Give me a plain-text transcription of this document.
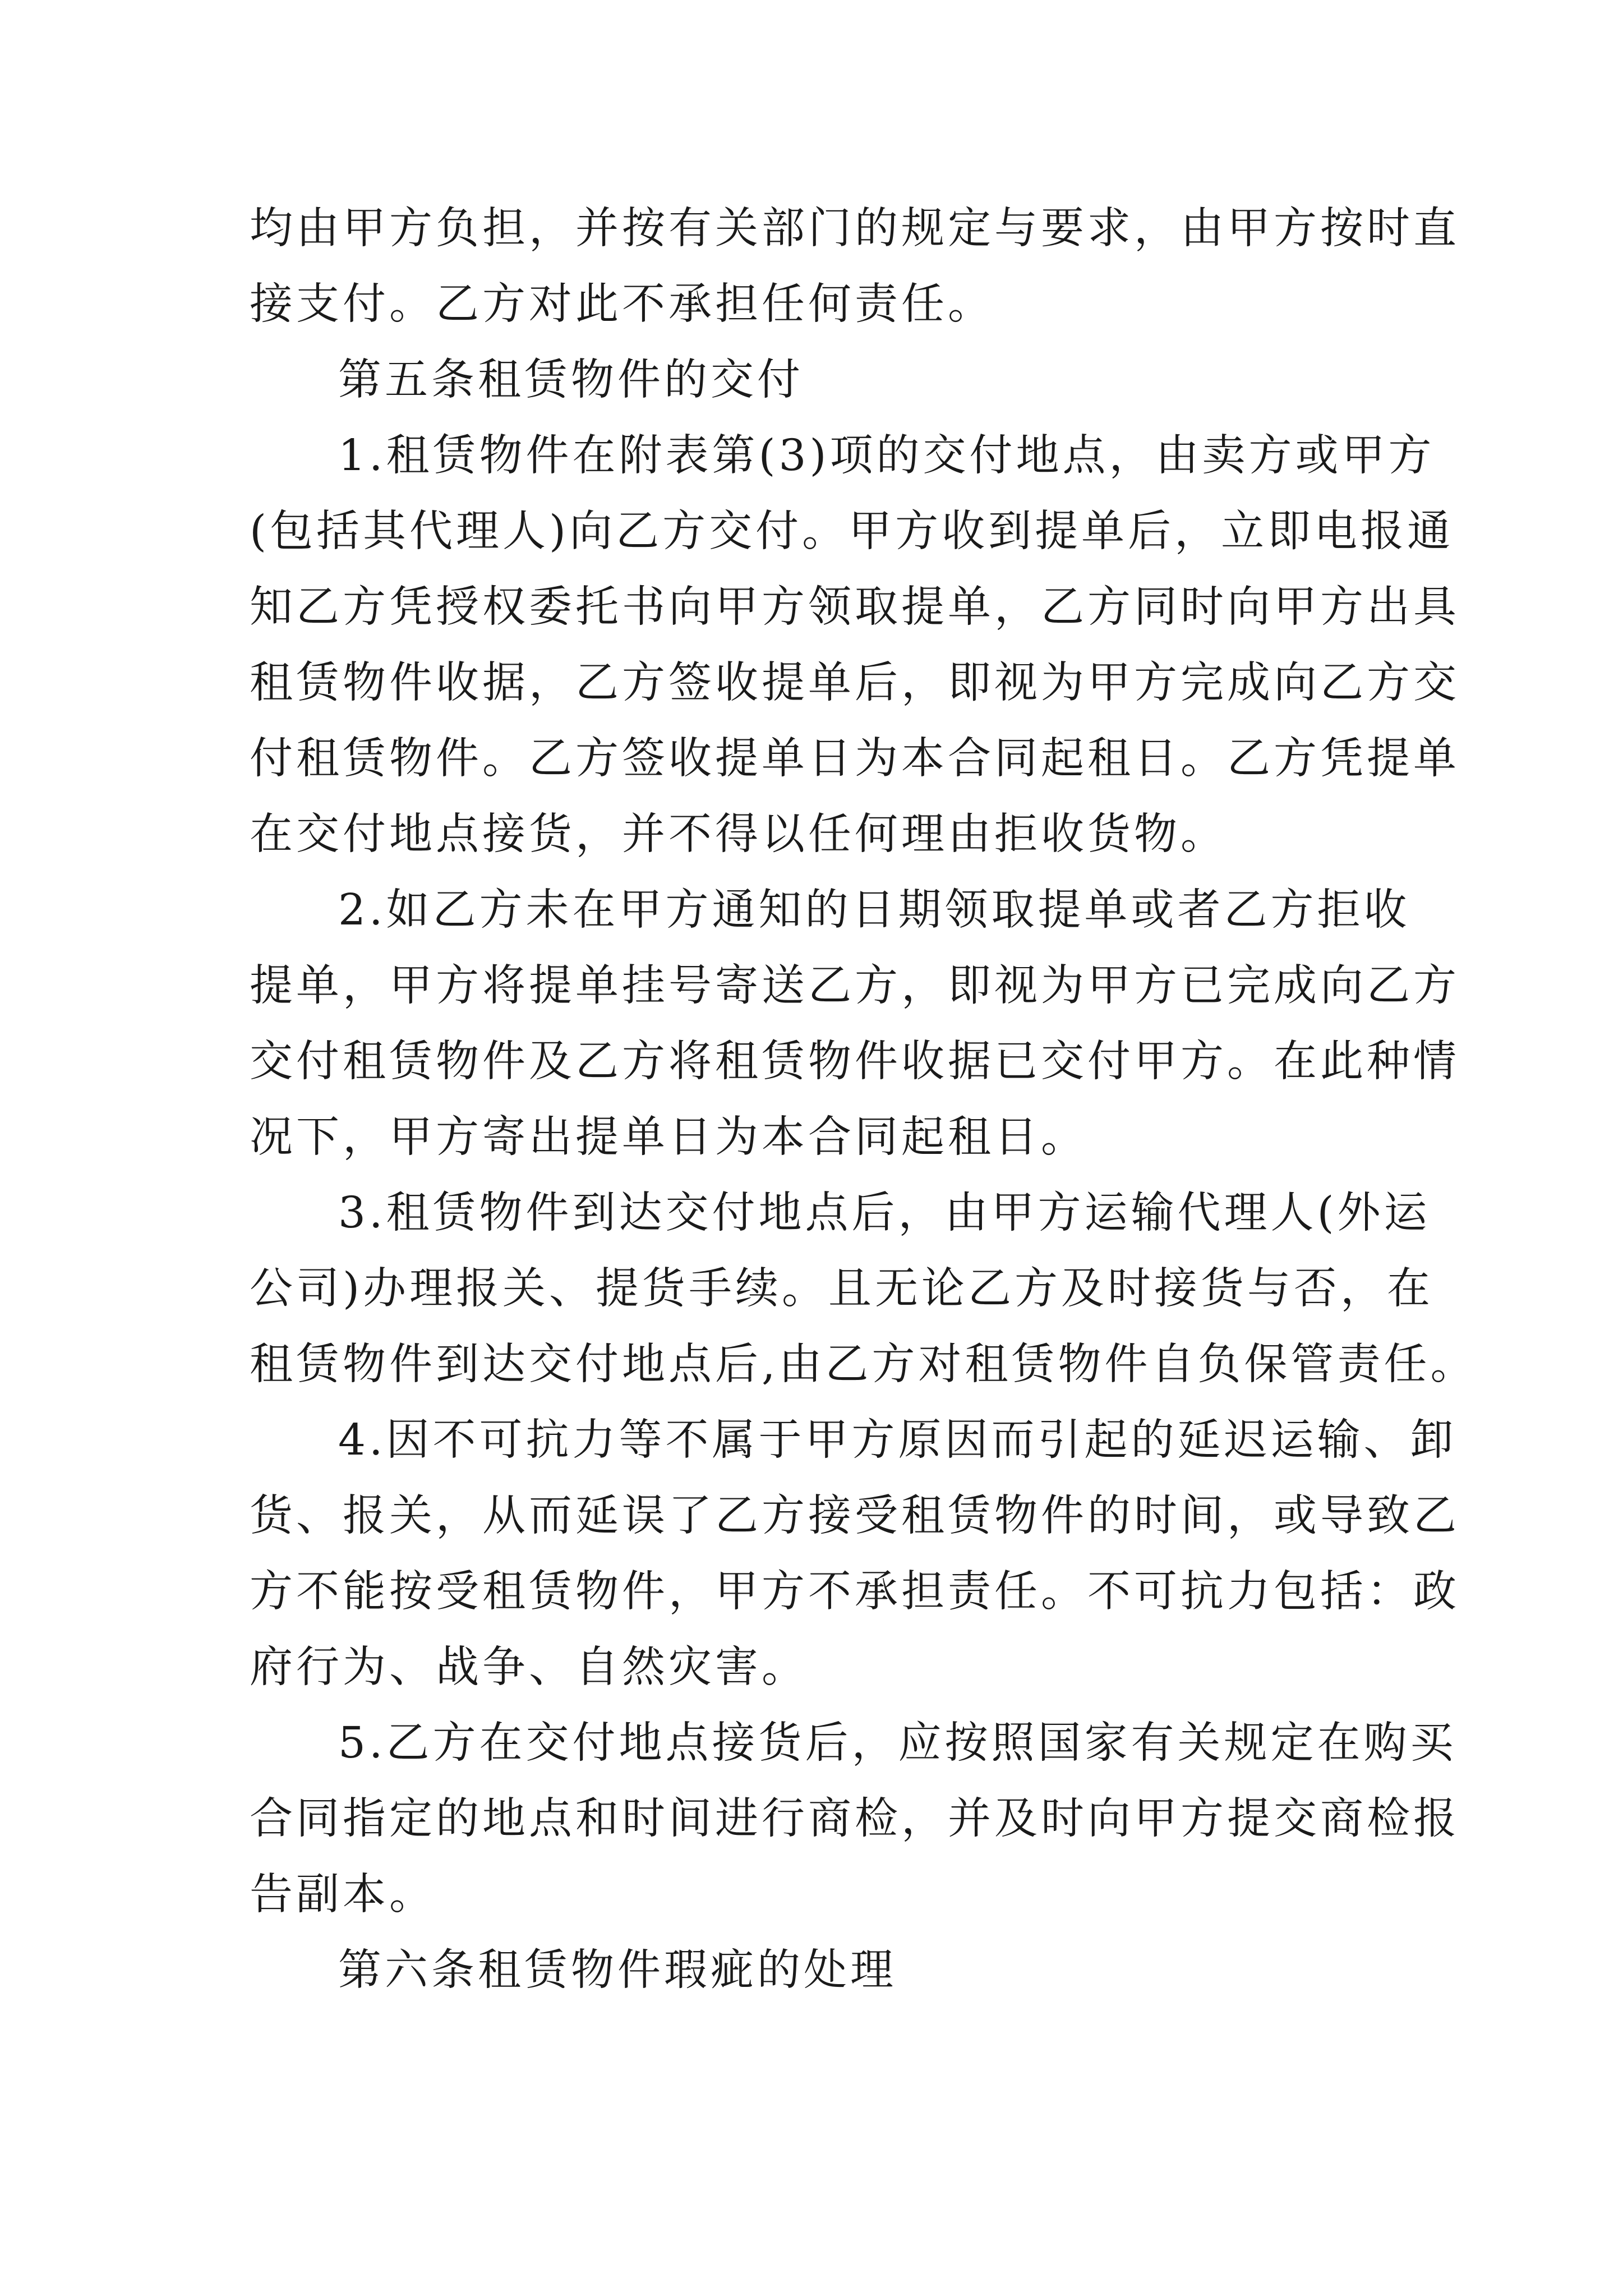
均由甲方负担，并按有关部门的规定与要求，由甲方按时直
接支付。乙方对此不承担任何责任。
第五条租赁物件的交付
1.租赁物件在附表第(3)项的交付地点，由卖方或甲方
(包括其代理人)向乙方交付。甲方收到提单后，立即电报通
知乙方凭授权委托书向甲方领取提单，乙方同时向甲方出具
租赁物件收据，乙方签收提单后，即视为甲方完成向乙方交
付租赁物件。乙方签收提单日为本合同起租日。乙方凭提单
在交付地点接货，并不得以任何理由拒收货物。
2.如乙方未在甲方通知的日期领取提单或者乙方拒收
提单，甲方将提单挂号寄送乙方，即视为甲方已完成向乙方
交付租赁物件及乙方将租赁物件收据已交付甲方。在此种情
况下，甲方寄出提单日为本合同起租日。
3.租赁物件到达交付地点后，由甲方运输代理人(外运
公司)办理报关、提货手续。且无论乙方及时接货与否，在
租赁物件到达交付地点后,由乙方对租赁物件自负保管责任。
4.因不可抗力等不属于甲方原因而引起的延迟运输、卸
货、报关，从而延误了乙方接受租赁物件的时间，或导致乙
方不能按受租赁物件，甲方不承担责任。不可抗力包括：政
府行为、战争、自然灾害。
5.乙方在交付地点接货后，应按照国家有关规定在购买
合同指定的地点和时间进行商检，并及时向甲方提交商检报
告副本。
第六条租赁物件瑕疵的处理
